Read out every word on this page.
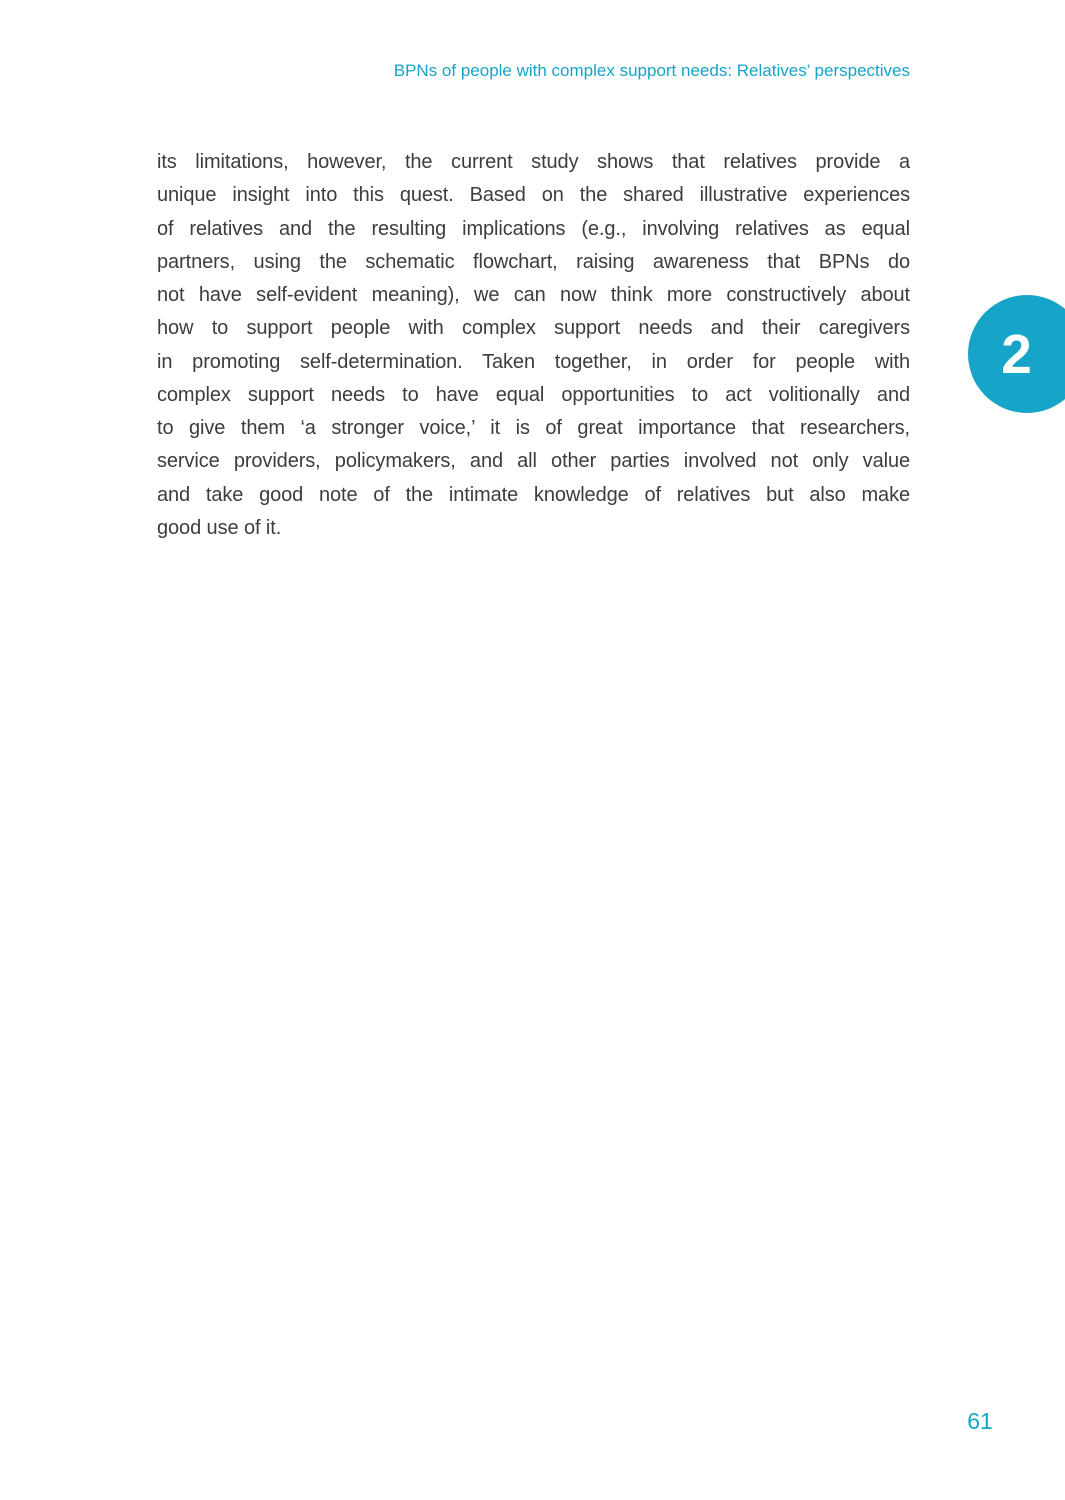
BPNs of people with complex support needs: Relatives’ perspectives
its limitations, however, the current study shows that relatives provide a
unique insight into this quest. Based on the shared illustrative experiences
of relatives and the resulting implications (e.g., involving relatives as equal
partners, using the schematic flowchart, raising awareness that BPNs do
not have self-evident meaning), we can now think more constructively about
how to support people with complex support needs and their caregivers
in promoting self-determination. Taken together, in order for people with
complex support needs to have equal opportunities to act volitionally and
to give them ‘a stronger voice,’ it is of great importance that researchers,
service providers, policymakers, and all other parties involved not only value
and take good note of the intimate knowledge of relatives but also make
good use of it.
2
61
